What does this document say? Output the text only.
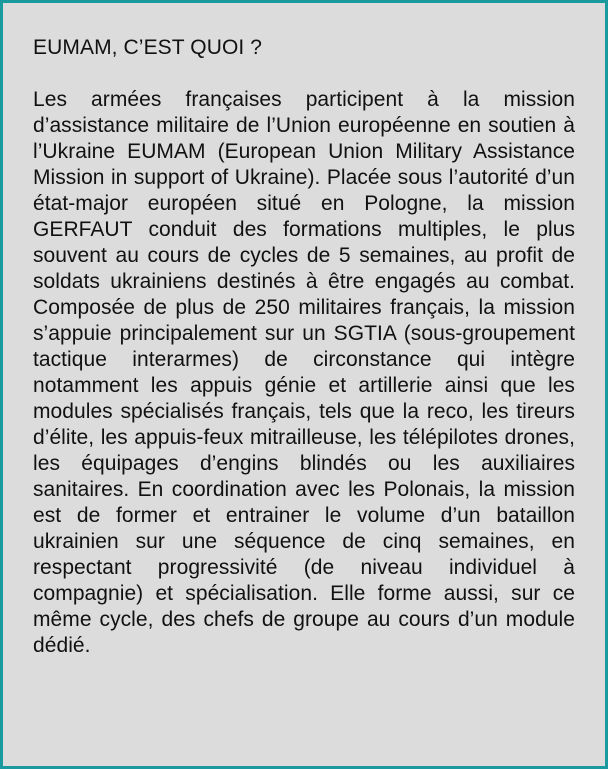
EUMAM, C’EST QUOI ?

Les armées françaises participent à la mission d’assistance militaire de l’Union européenne en soutien à l’Ukraine EUMAM (European Union Military Assistance Mission in support of Ukraine). Placée sous l’autorité d’un état-major européen situé en Pologne, la mission GERFAUT conduit des formations multiples, le plus souvent au cours de cycles de 5 semaines, au profit de soldats ukrainiens destinés à être engagés au combat. Composée de plus de 250 militaires français, la mission s’appuie principalement sur un SGTIA (sous-groupement tactique interarmes) de circonstance qui intègre notamment les appuis génie et artillerie ainsi que les modules spécialisés français, tels que la reco, les tireurs d’élite, les appuis-feux mitrailleuse, les télépilotes drones, les équipages d’engins blindés ou les auxiliaires sanitaires. En coordination avec les Polonais, la mission est de former et entrainer le volume d’un bataillon ukrainien sur une séquence de cinq semaines, en respectant progressivité (de niveau individuel à compagnie) et spécialisation. Elle forme aussi, sur ce même cycle, des chefs de groupe au cours d’un module dédié.
